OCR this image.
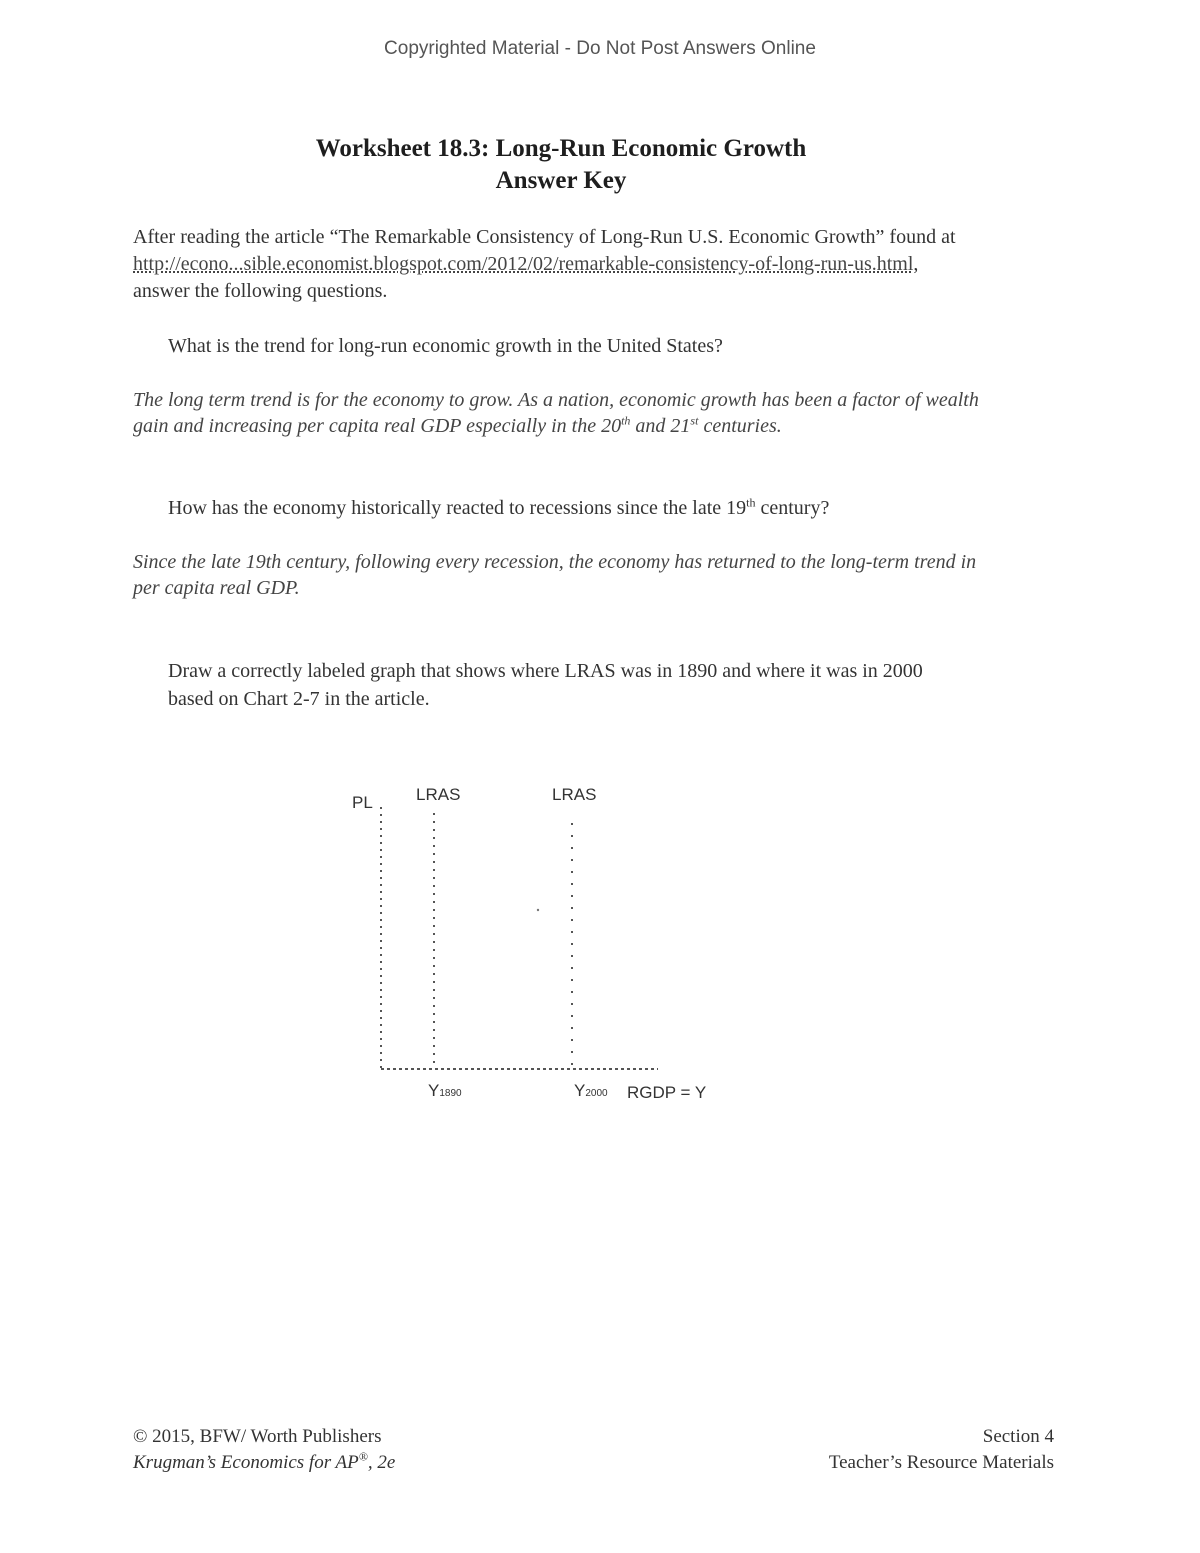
Copyrighted Material - Do Not Post Answers Online
Worksheet 18.3: Long-Run Economic Growth
Answer Key
After reading the article “The Remarkable Consistency of Long-Run U.S. Economic Growth” found at http://econo...sible.economist.blogspot.com/2012/02/remarkable-consistency-of-long-run-us.html, answer the following questions.
What is the trend for long-run economic growth in the United States?
The long term trend is for the economy to grow. As a nation, economic growth has been a factor of wealth gain and increasing per capita real GDP especially in the 20th and 21st centuries.
How has the economy historically reacted to recessions since the late 19th century?
Since the late 19th century, following every recession, the economy has returned to the long-term trend in per capita real GDP.
Draw a correctly labeled graph that shows where LRAS was in 1890 and where it was in 2000 based on Chart 2-7 in the article.
PL	LRAS	LRAS
Y1890	Y2000 RGDP = Y
© 2015, BFW/ Worth Publishers
Krugman’s Economics for AP®, 2e
Section 4
Teacher’s Resource Materials
